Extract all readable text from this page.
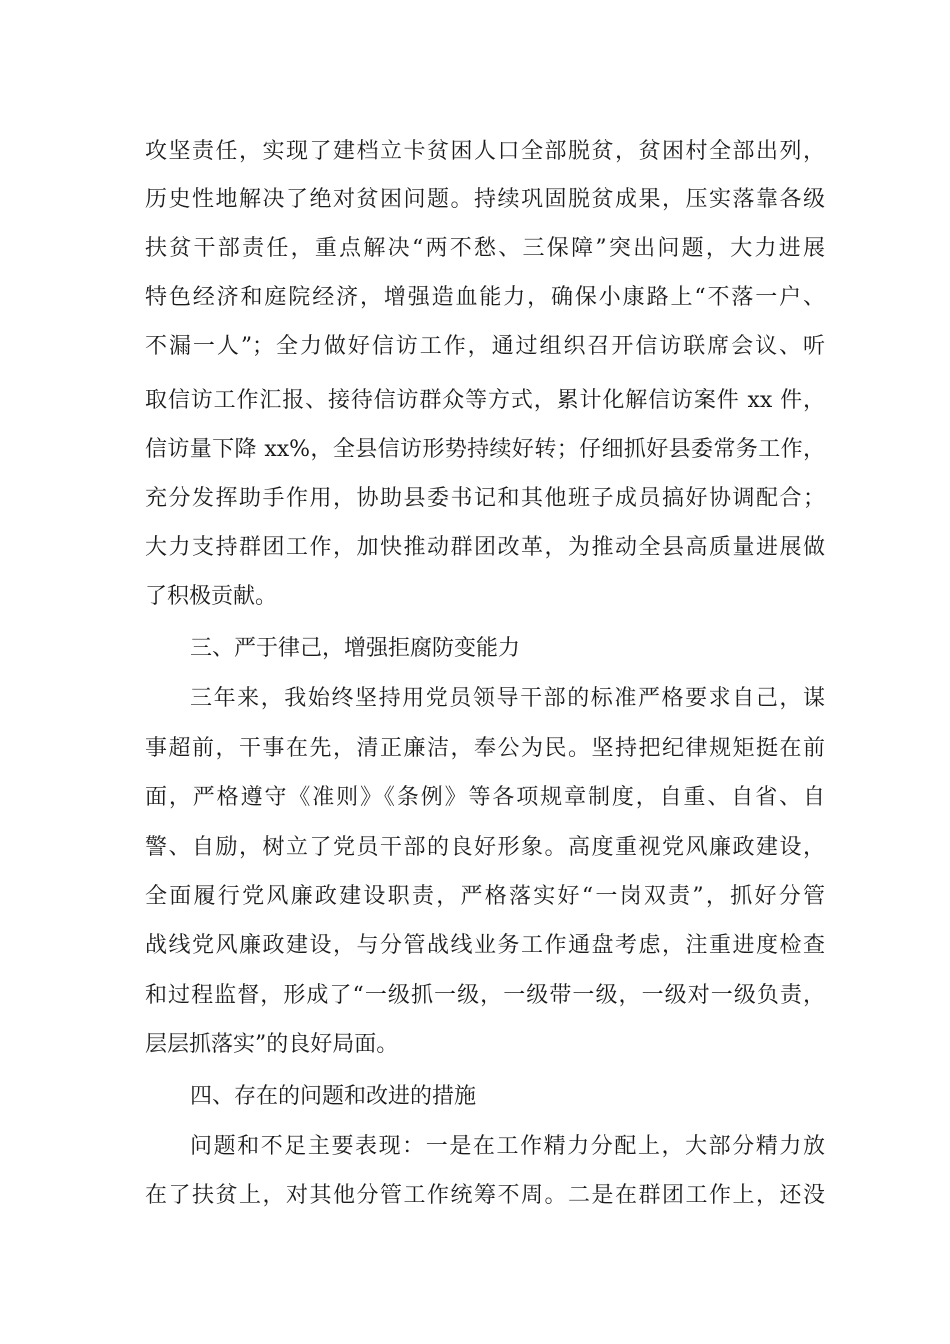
攻坚责任，实现了建档立卡贫困人口全部脱贫，贫困村全部出列，
历史性地解决了绝对贫困问题。持续巩固脱贫成果，压实落靠各级
扶贫干部责任，重点解决“两不愁、三保障”突出问题，大力进展
特色经济和庭院经济，增强造血能力，确保小康路上“不落一户、
不漏一人”；全力做好信访工作，通过组织召开信访联席会议、听
取信访工作汇报、接待信访群众等方式，累计化解信访案件 xx 件，
信访量下降 xx%，全县信访形势持续好转；仔细抓好县委常务工作，
充分发挥助手作用，协助县委书记和其他班子成员搞好协调配合；
大力支持群团工作，加快推动群团改革，为推动全县高质量进展做
了积极贡献。
三、严于律己，增强拒腐防变能力
三年来，我始终坚持用党员领导干部的标准严格要求自己，谋
事超前，干事在先，清正廉洁，奉公为民。坚持把纪律规矩挺在前
面，严格遵守《准则》《条例》等各项规章制度，自重、自省、自
警、自励，树立了党员干部的良好形象。高度重视党风廉政建设，
全面履行党风廉政建设职责，严格落实好“一岗双责”，抓好分管
战线党风廉政建设，与分管战线业务工作通盘考虑，注重进度检查
和过程监督，形成了“一级抓一级，一级带一级，一级对一级负责，
层层抓落实”的良好局面。
四、存在的问题和改进的措施
问题和不足主要表现：一是在工作精力分配上，大部分精力放
在了扶贫上，对其他分管工作统筹不周。二是在群团工作上，还没
